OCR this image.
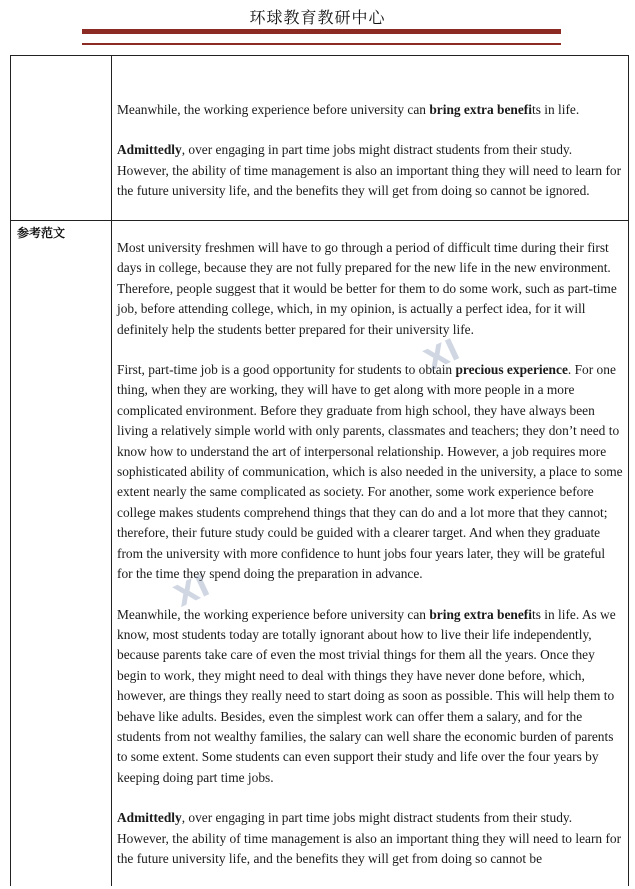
环球教育教研中心

Meanwhile, the working experience before university can bring extra benefits in life.

Admittedly, over engaging in part time jobs might distract students from their study. However, the ability of time management is also an important thing they will need to learn for the future university life, and the benefits they will get from doing so cannot be ignored.

参考范文

Most university freshmen will have to go through a period of difficult time during their first days in college, because they are not fully prepared for the new life in the new environment. Therefore, people suggest that it would be better for them to do some work, such as part-time job, before attending college, which, in my opinion, is actually a perfect idea, for it will definitely help the students better prepared for their university life.

First, part-time job is a good opportunity for students to obtain precious experience. For one thing, when they are working, they will have to get along with more people in a more complicated environment. Before they graduate from high school, they have always been living a relatively simple world with only parents, classmates and teachers; they don’t need to know how to understand the art of interpersonal relationship. However, a job requires more sophisticated ability of communication, which is also needed in the university, a place to some extent nearly the same complicated as society. For another, some work experience before college makes students comprehend things that they can do and a lot more that they cannot; therefore, their future study could be guided with a clearer target. And when they graduate from the university with more confidence to hunt jobs four years later, they will be grateful for the time they spend doing the preparation in advance.

Meanwhile, the working experience before university can bring extra benefits in life. As we know, most students today are totally ignorant about how to live their life independently, because parents take care of even the most trivial things for them all the years. Once they begin to work, they might need to deal with things they have never done before, which, however, are things they really need to start doing as soon as possible. This will help them to behave like adults. Besides, even the simplest work can offer them a salary, and for the students from not wealthy families, the salary can well share the economic burden of parents to some extent. Some students can even support their study and life over the four years by keeping doing part time jobs.

Admittedly, over engaging in part time jobs might distract students from their study. However, the ability of time management is also an important thing they will need to learn for the future university life, and the benefits they will get from doing so cannot be

XI
XI
